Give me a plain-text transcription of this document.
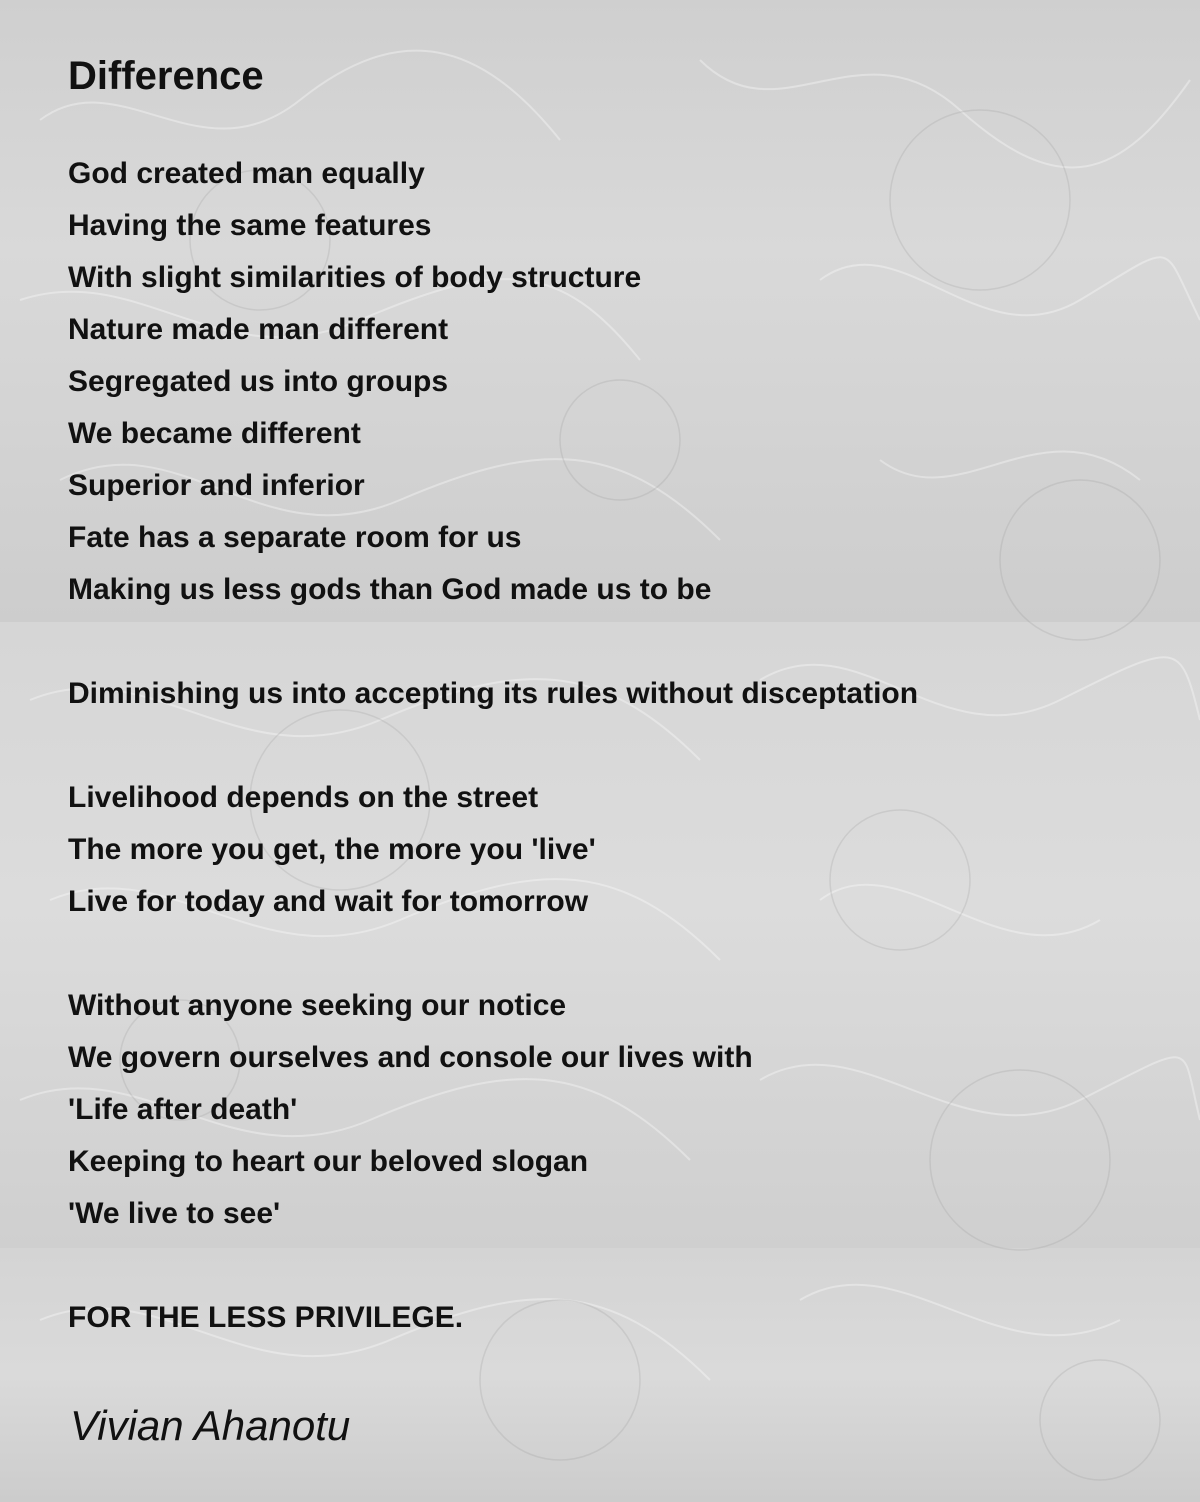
Difference
God created man equally
Having the same features
With slight similarities of body structure
Nature made man different
Segregated us into groups
We became different
Superior and inferior
Fate has a separate room for us
Making us less gods than God made us to be
Diminishing us into accepting its rules without disceptation
Livelihood depends on the street
The more you get, the more you 'live'
Live for today and wait for tomorrow
Without anyone seeking our notice
We govern ourselves and console our lives with
'Life after death'
Keeping to heart our beloved slogan
'We live to see'
FOR THE LESS PRIVILEGE.
Vivian Ahanotu
